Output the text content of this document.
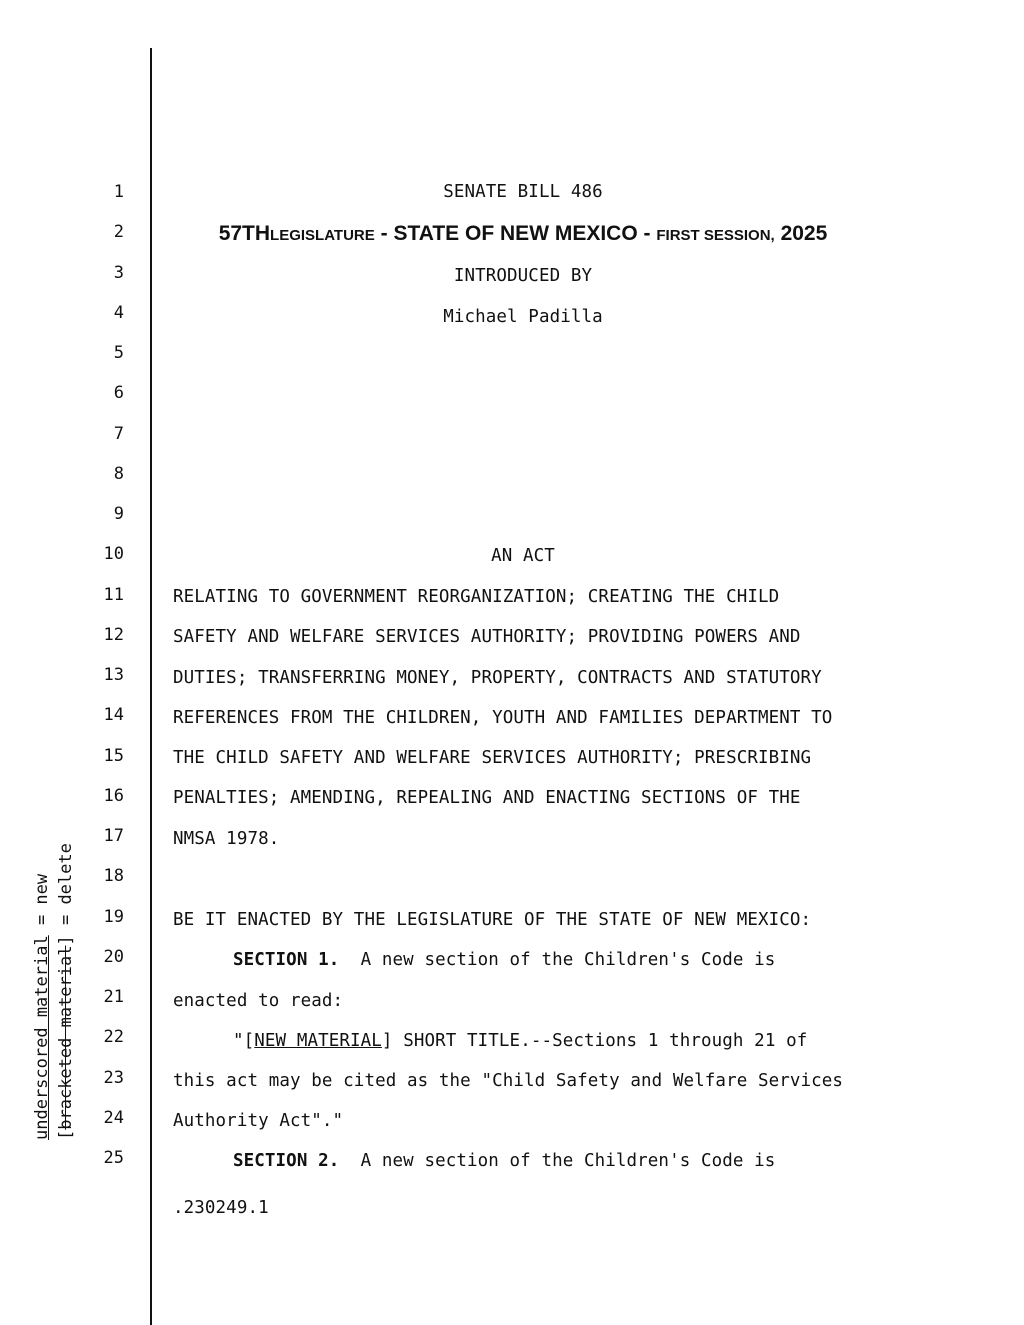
underscored material = new
[bracketed material] = delete
1
2
3
4
5
6
7
8
9
10
11
12
13
14
15
16
17
18
19
20
21
22
23
24
25
SENATE BILL 486
57THLEGISLATURE - STATE OF NEW MEXICO - FIRST SESSION, 2025
INTRODUCED BY
Michael Padilla
AN ACT
RELATING TO GOVERNMENT REORGANIZATION; CREATING THE CHILD
SAFETY AND WELFARE SERVICES AUTHORITY; PROVIDING POWERS AND
DUTIES; TRANSFERRING MONEY, PROPERTY, CONTRACTS AND STATUTORY
REFERENCES FROM THE CHILDREN, YOUTH AND FAMILIES DEPARTMENT TO
THE CHILD SAFETY AND WELFARE SERVICES AUTHORITY; PRESCRIBING
PENALTIES; AMENDING, REPEALING AND ENACTING SECTIONS OF THE
NMSA 1978.
BE IT ENACTED BY THE LEGISLATURE OF THE STATE OF NEW MEXICO:
SECTION 1.  A new section of the Children's Code is
enacted to read:
"[NEW MATERIAL] SHORT TITLE.--Sections 1 through 21 of
this act may be cited as the "Child Safety and Welfare Services
Authority Act"."
SECTION 2.  A new section of the Children's Code is
.230249.1
